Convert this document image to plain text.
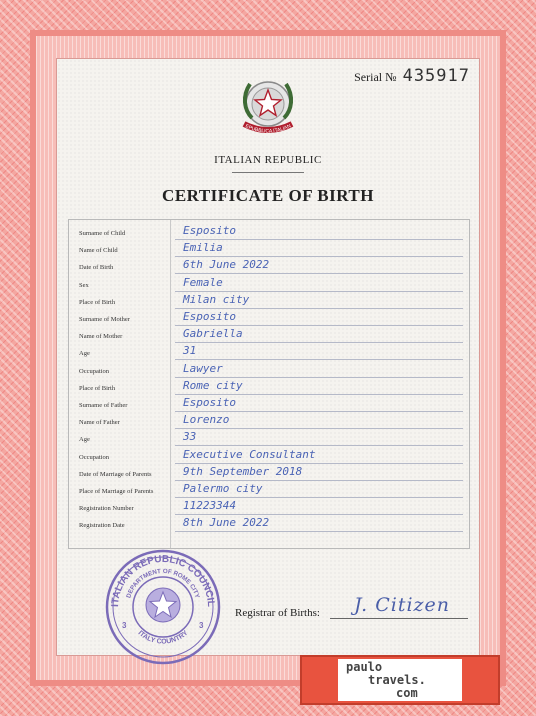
Serial № 435917
EPUBBLICA ITALIAN
ITALIAN REPUBLIC
CERTIFICATE OF BIRTH
Surname of Child	Esposito
Name of Child	Emilia
Date of Birth	6th June 2022
Sex	Female
Place of Birth	Milan city
Surname of Mother	Esposito
Name of Mother	Gabriella
Age	31
Occupation	Lawyer
Place of Birth	Rome city
Surname of Father	Esposito
Name of Father	Lorenzo
Age	33
Occupation	Executive Consultant
Date of Marriage of Parents	9th September 2018
Place of Marriage of Parents	Palermo city
Registration Number	11223344
Registration Date	8th June 2022
ITALIAN REPUBLIC COUNCIL
DEPARTMENT OF ROME CITY
ITALY COUNTRY
3	3
Registrar of Births: J. Citizen
paulo
travels.
com
